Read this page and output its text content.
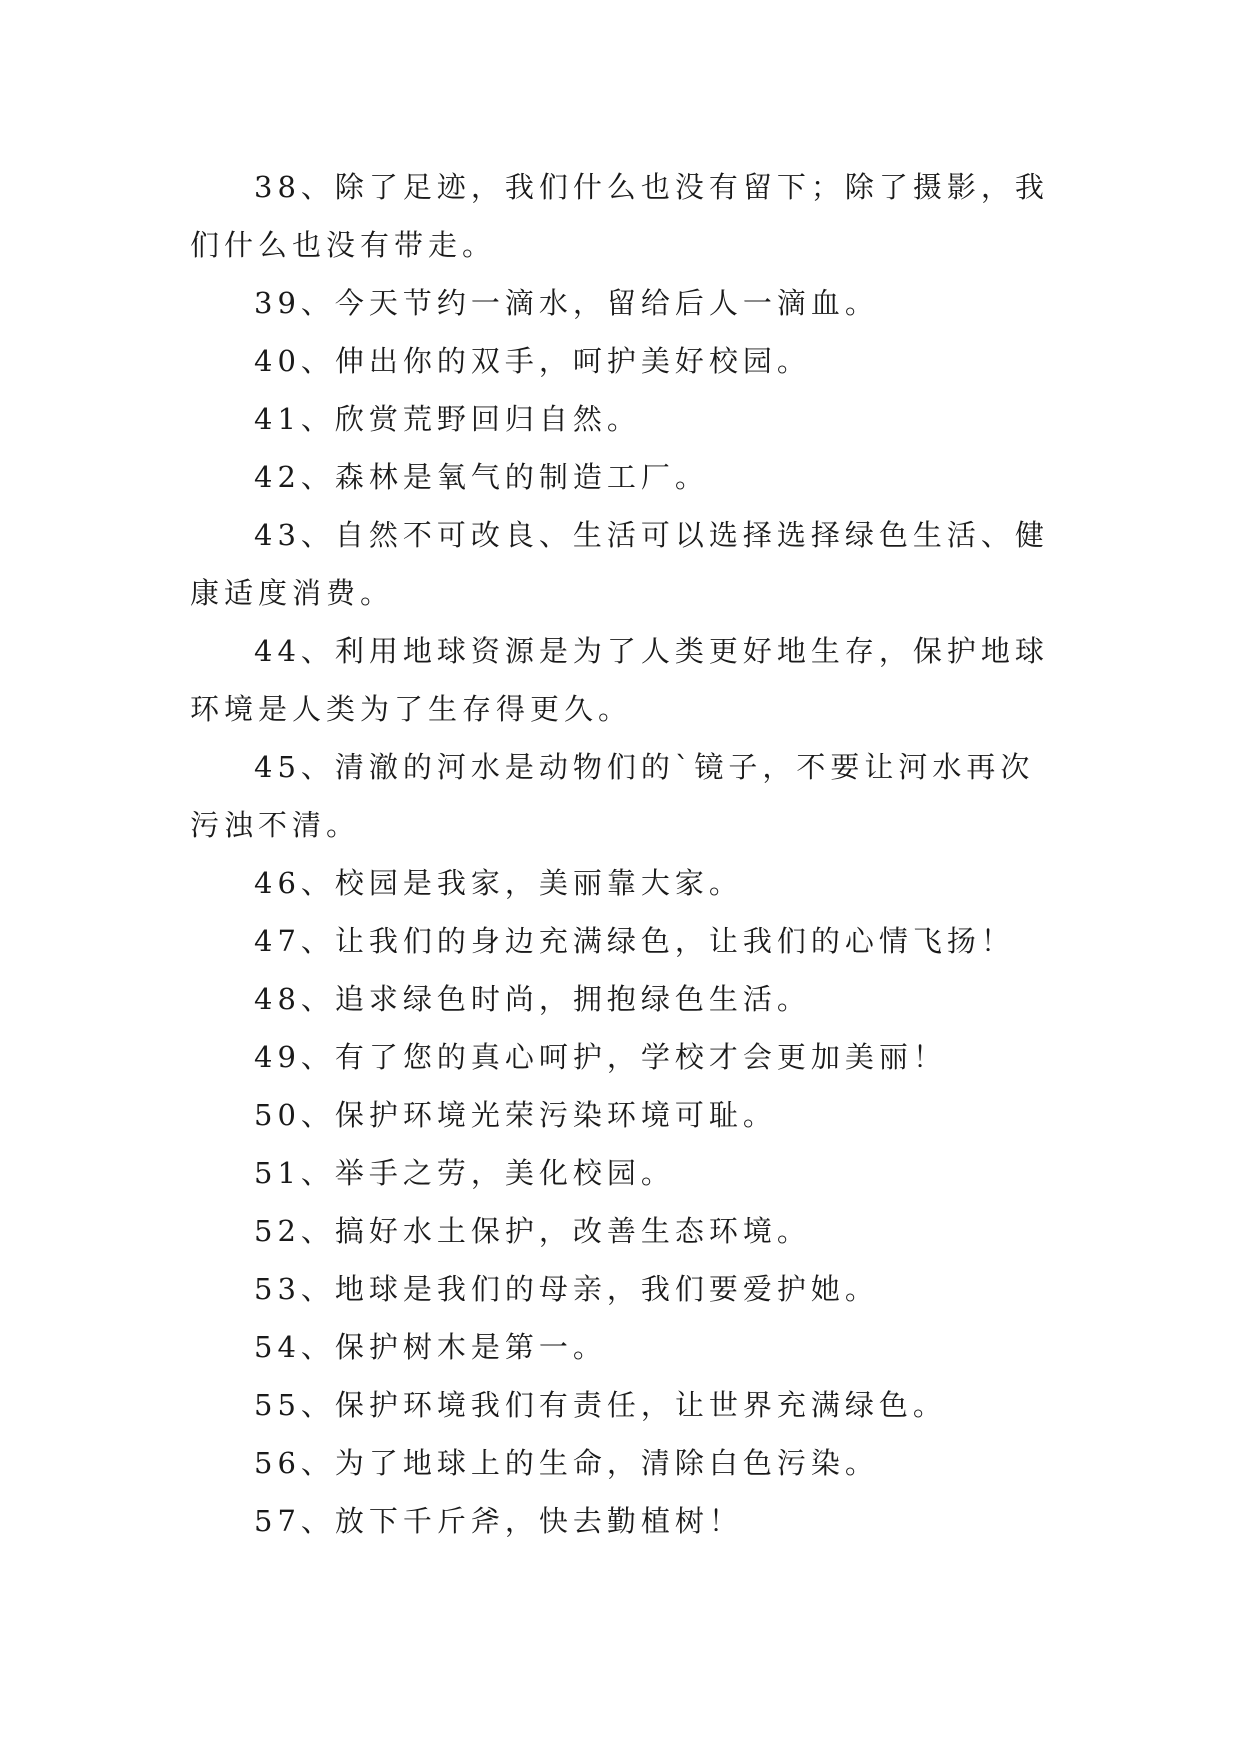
38、除了足迹，我们什么也没有留下；除了摄影，我们什么也没有带走。

39、今天节约一滴水，留给后人一滴血。

40、伸出你的双手，呵护美好校园。

41、欣赏荒野回归自然。

42、森林是氧气的制造工厂。

43、自然不可改良、生活可以选择选择绿色生活、健康适度消费。

44、利用地球资源是为了人类更好地生存，保护地球环境是人类为了生存得更久。

45、清澈的河水是动物们的`镜子，不要让河水再次污浊不清。

46、校园是我家，美丽靠大家。

47、让我们的身边充满绿色，让我们的心情飞扬！

48、追求绿色时尚，拥抱绿色生活。

49、有了您的真心呵护，学校才会更加美丽！

50、保护环境光荣污染环境可耻。

51、举手之劳，美化校园。

52、搞好水土保护，改善生态环境。

53、地球是我们的母亲，我们要爱护她。

54、保护树木是第一。

55、保护环境我们有责任，让世界充满绿色。

56、为了地球上的生命，清除白色污染。

57、放下千斤斧，快去勤植树！
